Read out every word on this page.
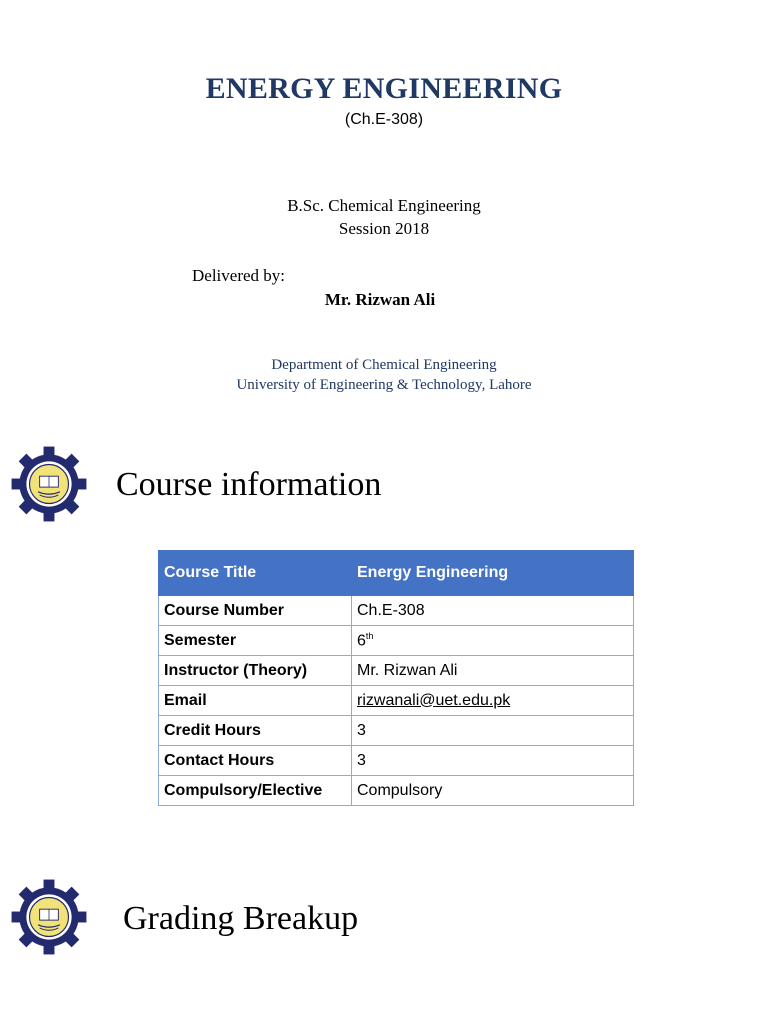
ENERGY ENGINEERING
(Ch.E-308)
B.Sc. Chemical Engineering
Session 2018
Delivered by:
Mr. Rizwan Ali
Department of Chemical Engineering
University of Engineering & Technology, Lahore
Course information
Course Title	Energy Engineering
Course Number	Ch.E-308
Semester	6th
Instructor (Theory)	Mr. Rizwan Ali
Email	rizwanali@uet.edu.pk
Credit Hours	3
Contact Hours	3
Compulsory/Elective	Compulsory
Grading Breakup
